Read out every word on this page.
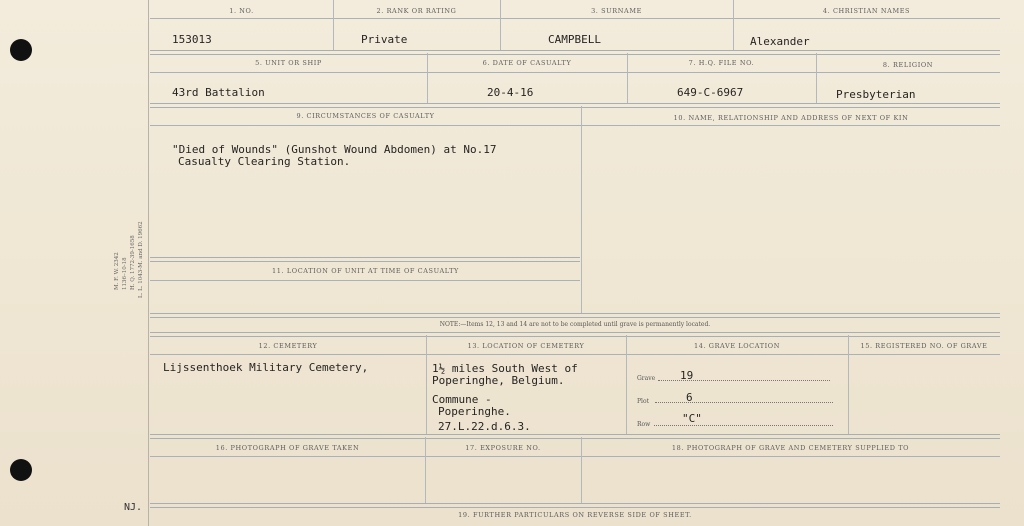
M. F. W. 2342 1136–10-18 H. Q. 1772-39-1658 L. L. 1043-M. and D. 19662
1. NO.	2. RANK OR RATING	3. SURNAME	4. CHRISTIAN NAMES
153013	Private	CAMPBELL	Alexander
5. UNIT OR SHIP	6. DATE OF CASUALTY	7. H.Q. FILE NO.	8. RELIGION
43rd Battalion	20-4-16	649-C-6967	Presbyterian
9. CIRCUMSTANCES OF CASUALTY	10. NAME, RELATIONSHIP AND ADDRESS OF NEXT OF KIN
"Died of Wounds" (Gunshot Wound Abdomen) at No.17
Casualty Clearing Station.
11. LOCATION OF UNIT AT TIME OF CASUALTY
NOTE:—Items 12, 13 and 14 are not to be completed until grave is permanently located.
12. CEMETERY	13. LOCATION OF CEMETERY	14. GRAVE LOCATION	15. REGISTERED NO. OF GRAVE
Lijssenthoek Military Cemetery,	1½ miles South West of
Poperinghe, Belgium.
Commune -
Poperinghe.
27.L.22.d.6.3.
Grave 19
Plot	6
Row	"C"
16. PHOTOGRAPH OF GRAVE TAKEN	17. EXPOSURE NO.	18. PHOTOGRAPH OF GRAVE AND CEMETERY SUPPLIED TO
19. FURTHER PARTICULARS ON REVERSE SIDE OF SHEET.
NJ.
